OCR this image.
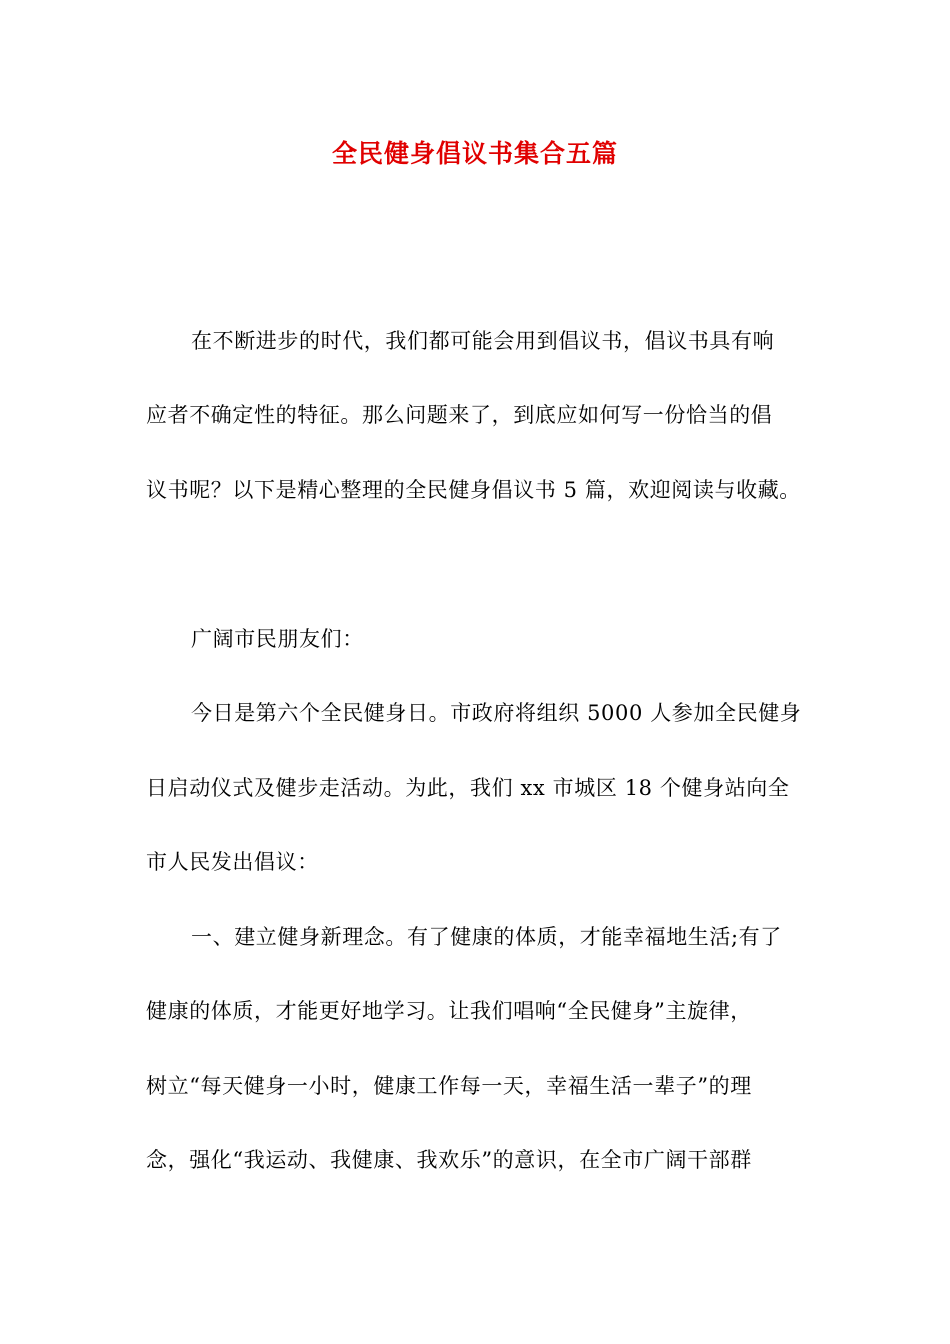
全民健身倡议书集合五篇
在不断进步的时代，我们都可能会用到倡议书，倡议书具有响
应者不确定性的特征。那么问题来了，到底应如何写一份恰当的倡
议书呢？以下是精心整理的全民健身倡议书 5 篇，欢迎阅读与收藏。
广阔市民朋友们：
今日是第六个全民健身日。市政府将组织 5000 人参加全民健身
日启动仪式及健步走活动。为此，我们 xx 市城区 18 个健身站向全
市人民发出倡议：
一、建立健身新理念。有了健康的体质，才能幸福地生活;有了
健康的体质，才能更好地学习。让我们唱响“全民健身”主旋律，
树立“每天健身一小时，健康工作每一天，幸福生活一辈子”的理
念，强化“我运动、我健康、我欢乐”的意识，在全市广阔干部群
